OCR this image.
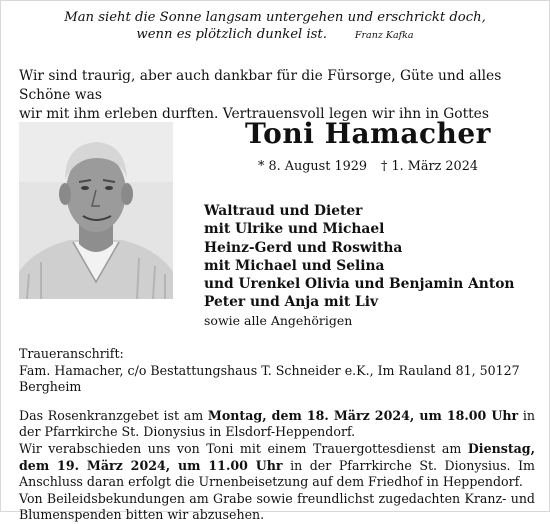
Man sieht die Sonne langsam untergehen und erschrickt doch,
wenn es plötzlich dunkel ist.	Franz Kafka
Wir sind traurig, aber auch dankbar für die Fürsorge, Güte und alles Schöne was
wir mit ihm erleben durften. Vertrauensvoll legen wir ihn in Gottes
Toni Hamacher
* 8. August 1929 † 1. März 2024
Waltraud und Dieter
mit Ulrike und Michael
Heinz-Gerd und Roswitha
mit Michael und Selina
und Urenkel Olivia und Benjamin Anton
Peter und Anja mit Liv
sowie alle Angehörigen

Traueranschrift:

Fam. Hamacher, c/o Bestattungshaus T. Schneider e.K., Im Rauland 81, 50127 Bergheim

Das Rosenkranzgebet ist am Montag, dem 18. März 2024, um 18.00 Uhr in der Pfarrkirche St. Dionysius in Elsdorf-Heppendorf.

Wir verabschieden uns von Toni mit einem Trauergottesdienst am Dienstag, dem 19. März 2024, um 11.00 Uhr in der Pfarrkirche St. Dionysius. Im Anschluss daran erfolgt die Urnenbeisetzung auf dem Friedhof in Heppendorf.

Von Beileidsbekundungen am Grabe sowie freundlichst zugedachten Kranz- und Blumenspenden bitten wir abzusehen.
